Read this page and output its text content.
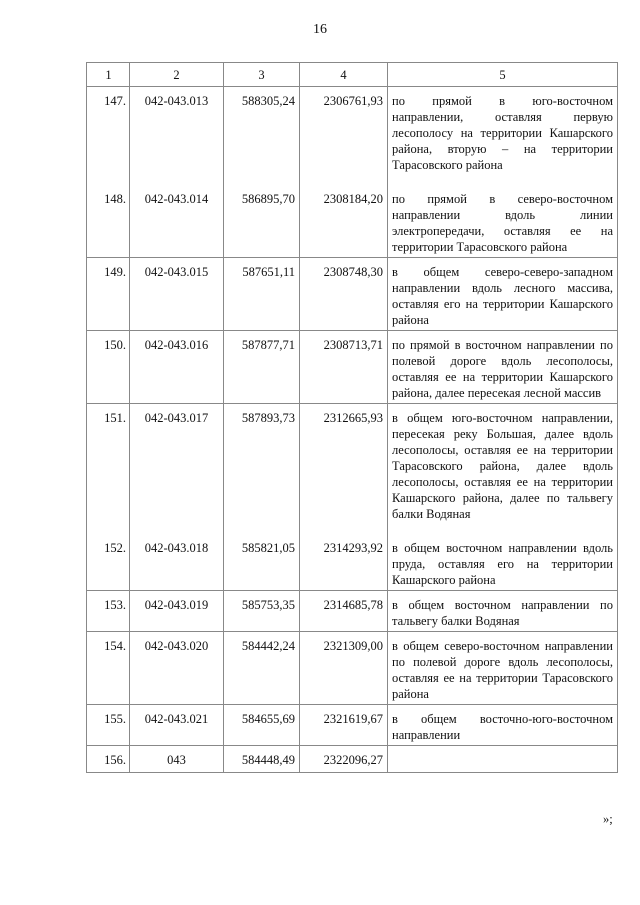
16
1	2	3	4	5
147.	042-043.013	588305,24	2306761,93	по прямой в юго-восточном направлении, оставляя первую лесополосу на территории Кашарского района, вторую – на территории Тарасовского района
148.	042-043.014	586895,70	2308184,20	по прямой в северо-восточном направлении вдоль линии электропередачи, оставляя ее на территории Тарасовского района
149.	042-043.015	587651,11	2308748,30	в общем северо-северо-западном направлении вдоль лесного массива, оставляя его на территории Кашарского района
150.	042-043.016	587877,71	2308713,71	по прямой в восточном направлении по полевой дороге вдоль лесополосы, оставляя ее на территории Кашарского района, далее пересекая лесной массив
151.	042-043.017	587893,73	2312665,93	в общем юго-восточном направлении, пересекая реку Большая, далее вдоль лесополосы, оставляя ее на территории Тарасовского района, далее вдоль лесополосы, оставляя ее на территории Кашарского района, далее по тальвегу балки Водяная
152.	042-043.018	585821,05	2314293,92	в общем восточном направлении вдоль пруда, оставляя его на территории Кашарского района
153.	042-043.019	585753,35	2314685,78	в общем восточном направлении по тальвегу балки Водяная
154.	042-043.020	584442,24	2321309,00	в общем северо-восточном направлении по полевой дороге вдоль лесополосы, оставляя ее на территории Тарасовского района
155.	042-043.021	584655,69	2321619,67	в общем восточно-юго-восточном направлении
156.	043	584448,49	2322096,27	
»;
